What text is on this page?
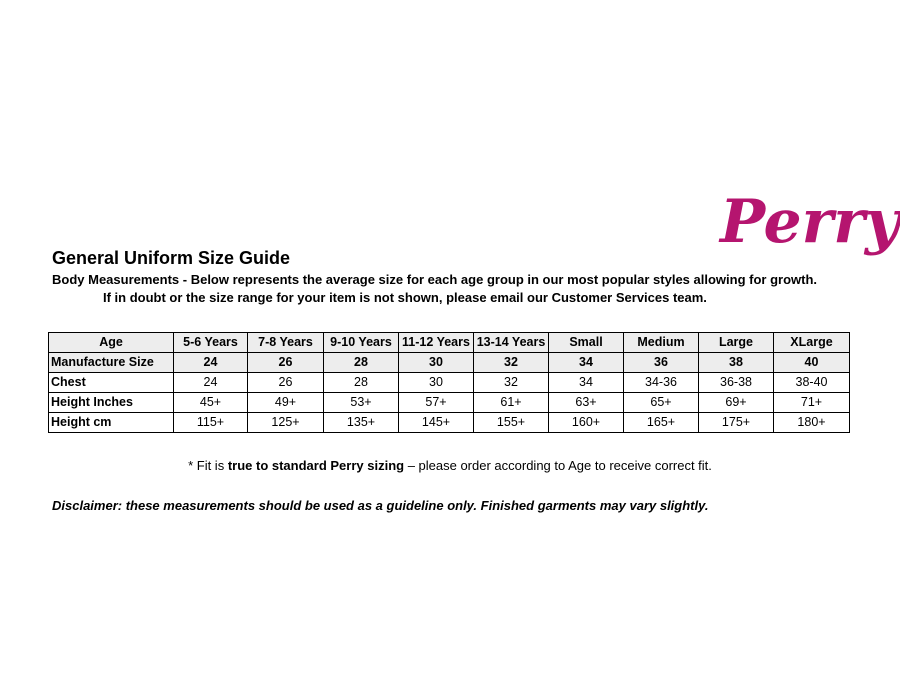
Perry
General Uniform Size Guide
Body Measurements - Below represents the average size for each age group in our most popular styles allowing for growth.
If in doubt or the size range for your item is not shown, please email our Customer Services team.
Age	5-6 Years	7-8 Years	9-10 Years	11-12 Years	13-14 Years	Small	Medium	Large	XLarge
Manufacture Size	24	26	28	30	32	34	36	38	40
Chest	24	26	28	30	32	34	34-36	36-38	38-40
Height Inches	45+	49+	53+	57+	61+	63+	65+	69+	71+
Height cm	115+	125+	135+	145+	155+	160+	165+	175+	180+
* Fit is true to standard Perry sizing – please order according to Age to receive correct fit.
Disclaimer: these measurements should be used as a guideline only. Finished garments may vary slightly.
